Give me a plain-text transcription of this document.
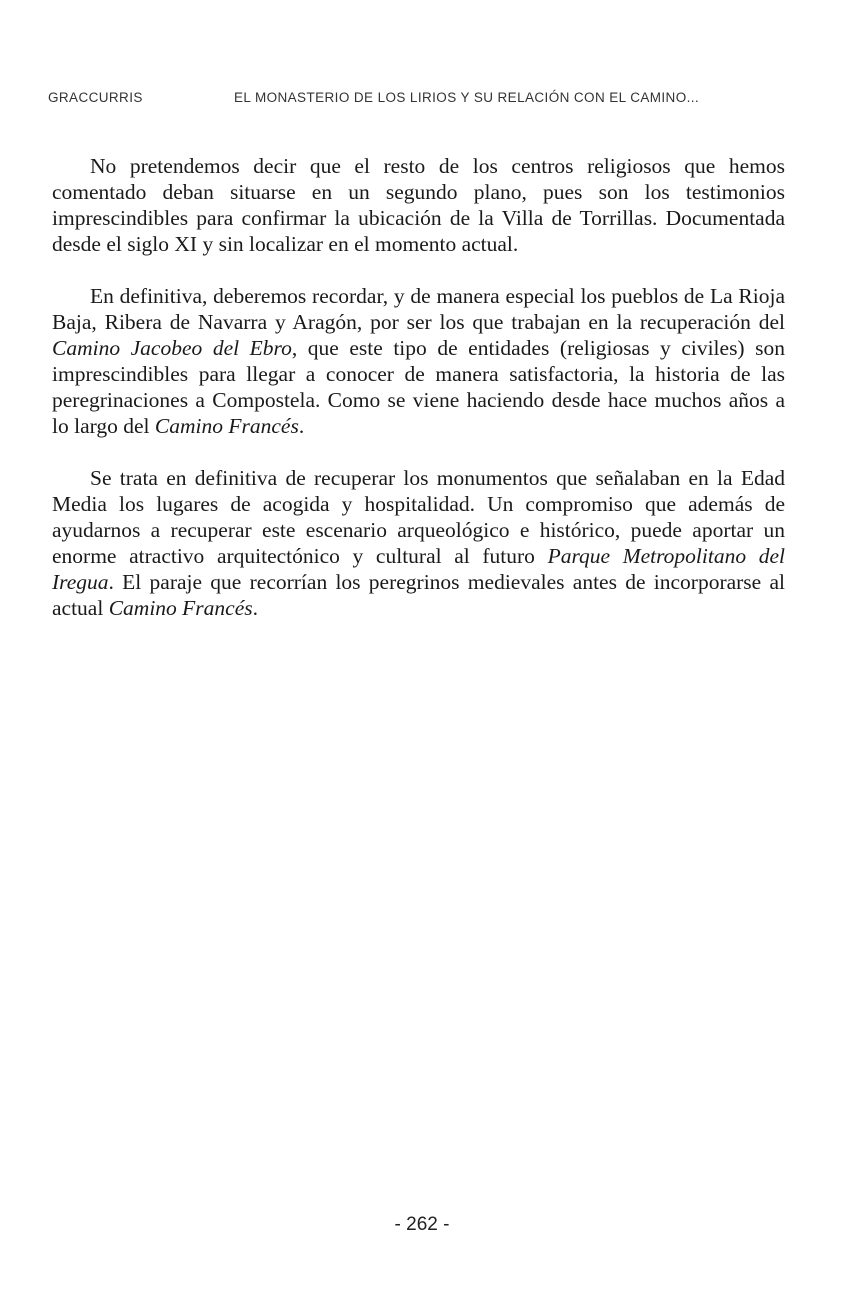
GRACCURRIS	EL MONASTERIO DE LOS LIRIOS Y SU RELACIÓN CON EL CAMINO...

No pretendemos decir que el resto de los centros religiosos que hemos comentado deban situarse en un segundo plano, pues son los testimonios imprescindibles para confirmar la ubicación de la Villa de Torrillas. Documentada desde el siglo XI y sin localizar en el momento actual.

En definitiva, deberemos recordar, y de manera especial los pueblos de La Rioja Baja, Ribera de Navarra y Aragón, por ser los que trabajan en la recuperación del Camino Jacobeo del Ebro, que este tipo de entidades (religiosas y civiles) son imprescindibles para llegar a conocer de manera satisfactoria, la historia de las peregrinaciones a Compostela. Como se viene haciendo desde hace muchos años a lo largo del Camino Francés.

Se trata en definitiva de recuperar los monumentos que señalaban en la Edad Media los lugares de acogida y hospitalidad. Un compromiso que además de ayudarnos a recuperar este escenario arqueológico e histórico, puede aportar un enorme atractivo arquitectónico y cultural al futuro Parque Metropolitano del Iregua. El paraje que recorrían los peregrinos medievales antes de incorporarse al actual Camino Francés.

- 262 -
